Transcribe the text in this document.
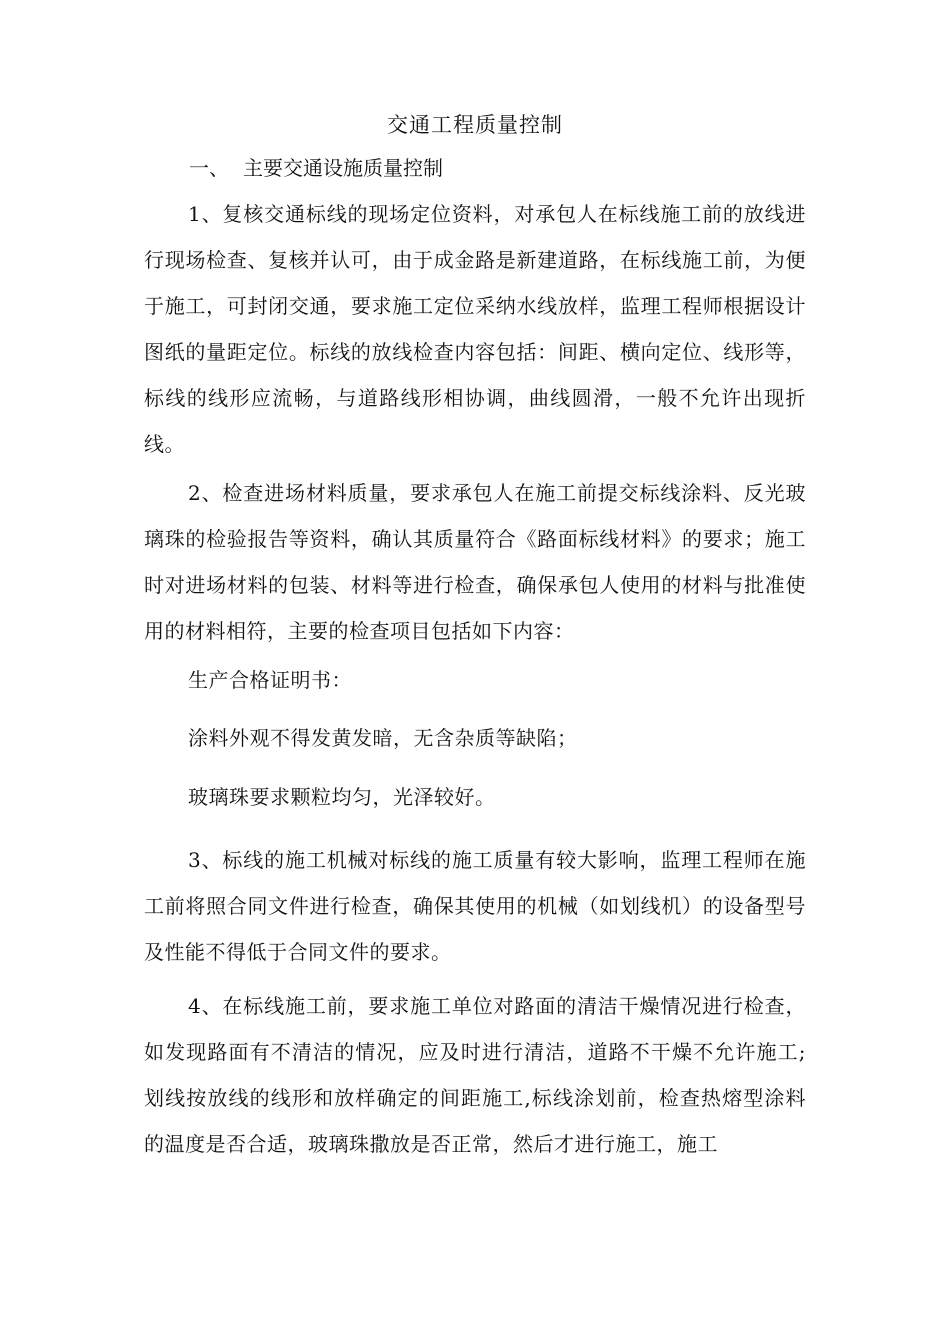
交通工程质量控制
一、 主要交通设施质量控制

1、复核交通标线的现场定位资料，对承包人在标线施工前的放线进行现场检查、复核并认可，由于成金路是新建道路，在标线施工前，为便于施工，可封闭交通，要求施工定位采纳水线放样，监理工程师根据设计图纸的量距定位。标线的放线检查内容包括：间距、横向定位、线形等，标线的线形应流畅，与道路线形相协调，曲线圆滑，一般不允许出现折线。

2、检查进场材料质量，要求承包人在施工前提交标线涂料、反光玻璃珠的检验报告等资料，确认其质量符合《路面标线材料》的要求；施工时对进场材料的包装、材料等进行检查，确保承包人使用的材料与批准使用的材料相符，主要的检查项目包括如下内容：

生产合格证明书：
涂料外观不得发黄发暗，无含杂质等缺陷；
玻璃珠要求颗粒均匀，光泽较好。

3、标线的施工机械对标线的施工质量有较大影响，监理工程师在施工前将照合同文件进行检查，确保其使用的机械（如划线机）的设备型号及性能不得低于合同文件的要求。

4、在标线施工前，要求施工单位对路面的清洁干燥情况进行检查，如发现路面有不清洁的情况，应及时进行清洁，道路不干燥不允许施工;划线按放线的线形和放样确定的间距施工,标线涂划前，检查热熔型涂料的温度是否合适，玻璃珠撒放是否正常，然后才进行施工，施工
